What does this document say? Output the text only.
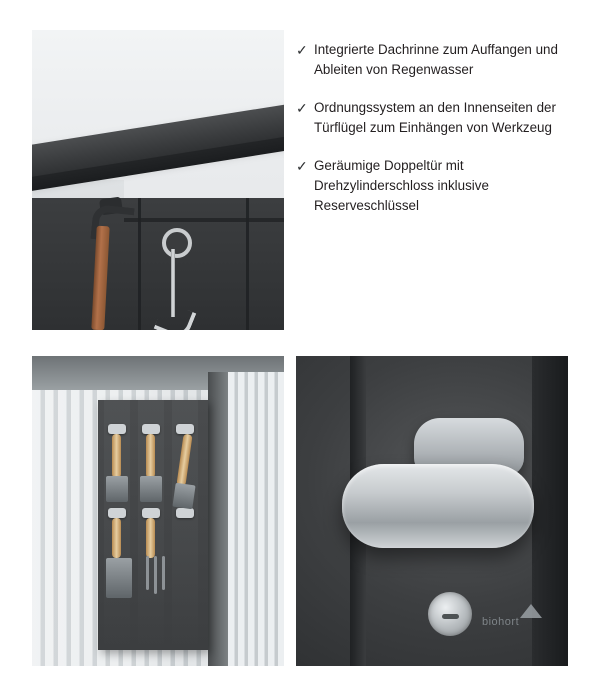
✓ Integrierte Dachrinne zum Auffangen und Ableiten von Regenwasser
✓ Ordnungssystem an den Innenseiten der Türflügel zum Einhängen von Werkzeug
✓ Geräumige Doppeltür mit Drehzylinderschloss inklusive Reserveschlüssel
biohort
